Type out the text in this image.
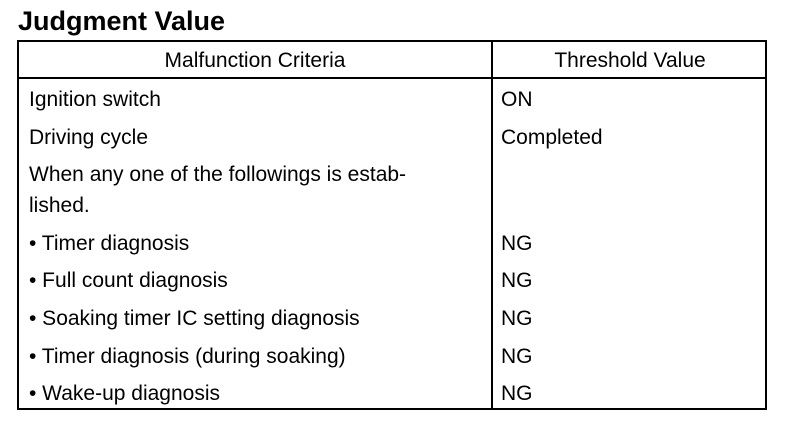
Judgment Value
Malfunction Criteria	Threshold Value
Ignition switch	ON
Driving cycle	Completed
When any one of the followings is estab-
lished.
• Timer diagnosis	NG
• Full count diagnosis	NG
• Soaking timer IC setting diagnosis	NG
• Timer diagnosis (during soaking)	NG
• Wake-up diagnosis	NG
